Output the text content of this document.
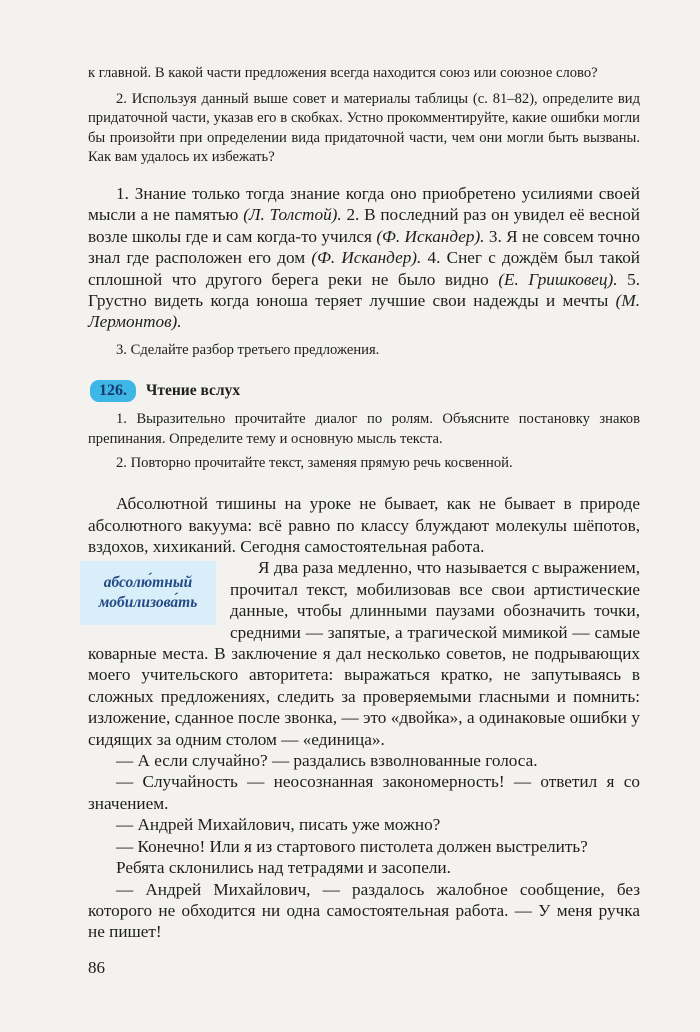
к главной. В какой части предложения всегда находится союз или союзное слово?

2. Используя данный выше совет и материалы таблицы (с. 81–82), определите вид придаточной части, указав его в скобках. Устно прокомментируйте, какие ошибки могли бы произойти при определении вида придаточной части, чем они могли быть вызваны. Как вам удалось их избежать?

1. Знание только тогда знание когда оно приобретено усилиями своей мысли а не памятью (Л. Толстой). 2. В последний раз он увидел её весной возле школы где и сам когда-то учился (Ф. Искандер). 3. Я не совсем точно знал где расположен его дом (Ф. Искандер). 4. Снег с дождём был такой сплошной что другого берега реки не было видно (Е. Гришковец). 5. Грустно видеть когда юноша теряет лучшие свои надежды и мечты (М. Лермонтов).

3. Сделайте разбор третьего предложения.

126.	Чтение вслух

1. Выразительно прочитайте диалог по ролям. Объясните постановку знаков препинания. Определите тему и основную мысль текста.

2. Повторно прочитайте текст, заменяя прямую речь косвенной.

Абсолютной тишины на уроке не бывает, как не бывает в природе абсолютного вакуума: всё равно по классу блуждают молекулы шёпотов, вздохов, хихиканий. Сегодня самостоятельная работа.

абсолю́тный
мобилизова́ть

Я два раза медленно, что называется с выражением, прочитал текст, мобилизовав все свои артистические данные, чтобы длинными паузами обозначить точки, средними — запятые, а трагической мимикой — самые коварные места. В заключение я дал несколько советов, не подрывающих моего учительского авторитета: выражаться кратко, не запутываясь в сложных предложениях, следить за проверяемыми гласными и помнить: изложение, сданное после звонка, — это «двойка», а одинаковые ошибки у сидящих за одним столом — «единица».

— А если случайно? — раздались взволнованные голоса.

— Случайность — неосознанная закономерность! — ответил я со значением.

— Андрей Михайлович, писать уже можно?

— Конечно! Или я из стартового пистолета должен выстрелить?

Ребята склонились над тетрадями и засопели.

— Андрей Михайлович, — раздалось жалобное сообщение, без которого не обходится ни одна самостоятельная работа. — У меня ручка не пишет!

86
